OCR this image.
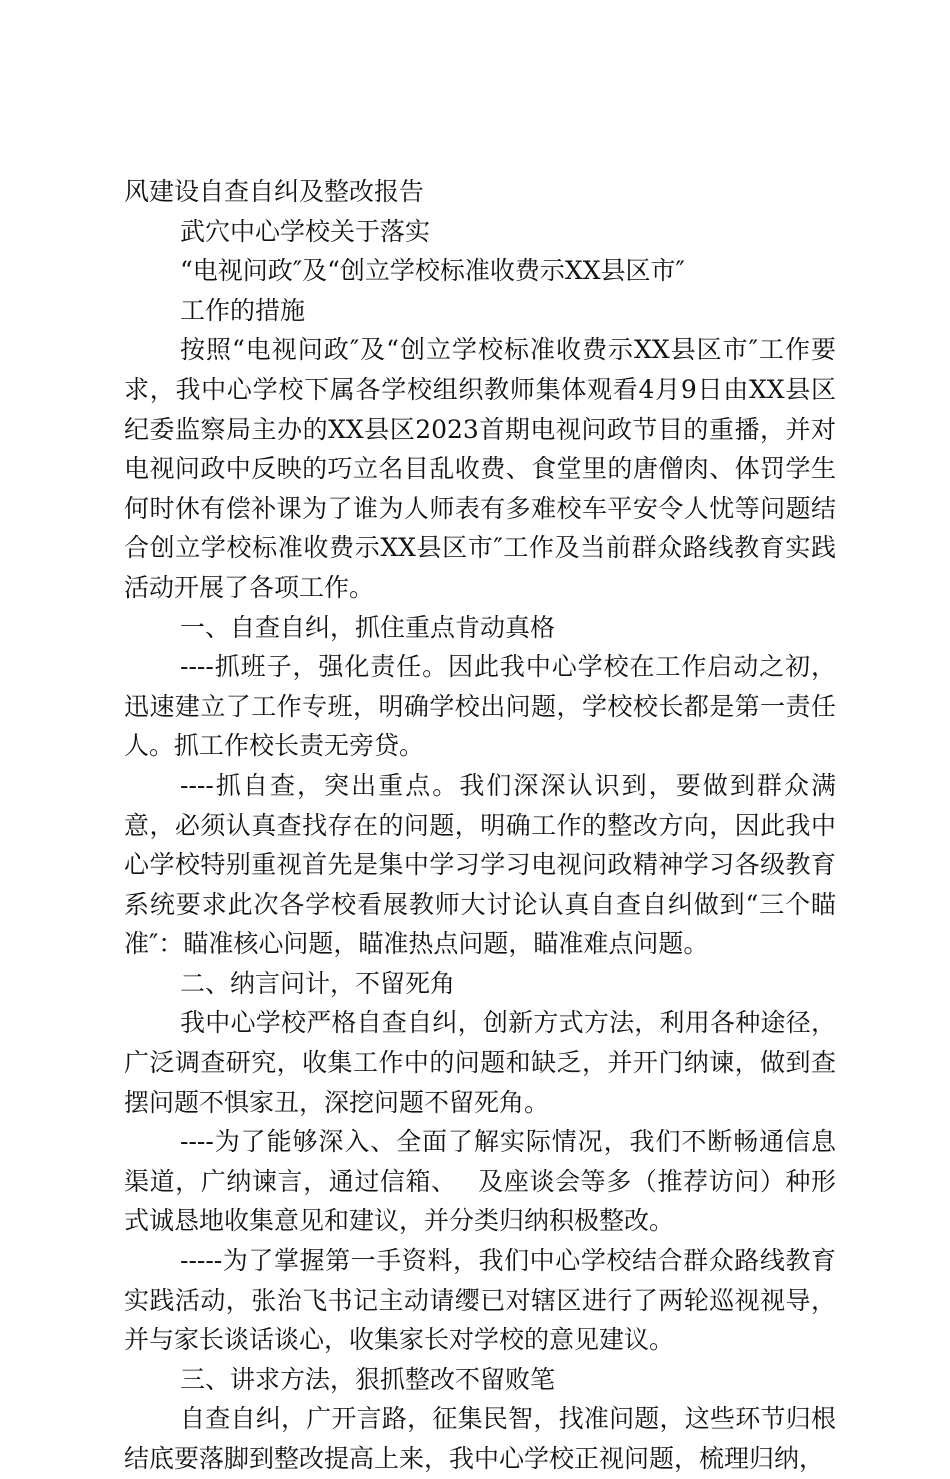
风建设自查自纠及整改报告

武穴中心学校关于落实

“电视问政″及“创立学校标准收费示XX县区市″

工作的措施

按照“电视问政″及“创立学校标准收费示XX县区市″工作要求，我中心学校下属各学校组织教师集体观看4月9日由XX县区纪委监察局主办的XX县区2023首期电视问政节目的重播，并对电视问政中反映的巧立名目乱收费、食堂里的唐僧肉、体罚学生何时休有偿补课为了谁为人师表有多难校车平安令人忧等问题结合创立学校标准收费示XX县区市″工作及当前群众路线教育实践活动开展了各项工作。

一、自查自纠，抓住重点肯动真格

----抓班子，强化责任。因此我中心学校在工作启动之初，迅速建立了工作专班，明确学校出问题，学校校长都是第一责任人。抓工作校长责无旁贷。

----抓自查，突出重点。我们深深认识到，要做到群众满意，必须认真查找存在的问题，明确工作的整改方向，因此我中心学校特别重视首先是集中学习学习电视问政精神学习各级教育系统要求此次各学校看展教师大讨论认真自查自纠做到“三个瞄准″：瞄准核心问题，瞄准热点问题，瞄准难点问题。

二、纳言问计，不留死角

我中心学校严格自查自纠，创新方式方法，利用各种途径，广泛调查研究，收集工作中的问题和缺乏，并开门纳谏，做到查摆问题不惧家丑，深挖问题不留死角。

----为了能够深入、全面了解实际情况，我们不断畅通信息渠道，广纳谏言，通过信箱、　 及座谈会等多（推荐访问）种形式诚恳地收集意见和建议，并分类归纳积极整改。

-----为了掌握第一手资料，我们中心学校结合群众路线教育实践活动，张治飞书记主动请缨已对辖区进行了两轮巡视视导，并与家长谈话谈心，收集家长对学校的意见建议。

三、讲求方法，狠抓整改不留败笔

自查自纠，广开言路，征集民智，找准问题，这些环节归根结底要落脚到整改提高上来，我中心学校正视问题，梳理归纳，
